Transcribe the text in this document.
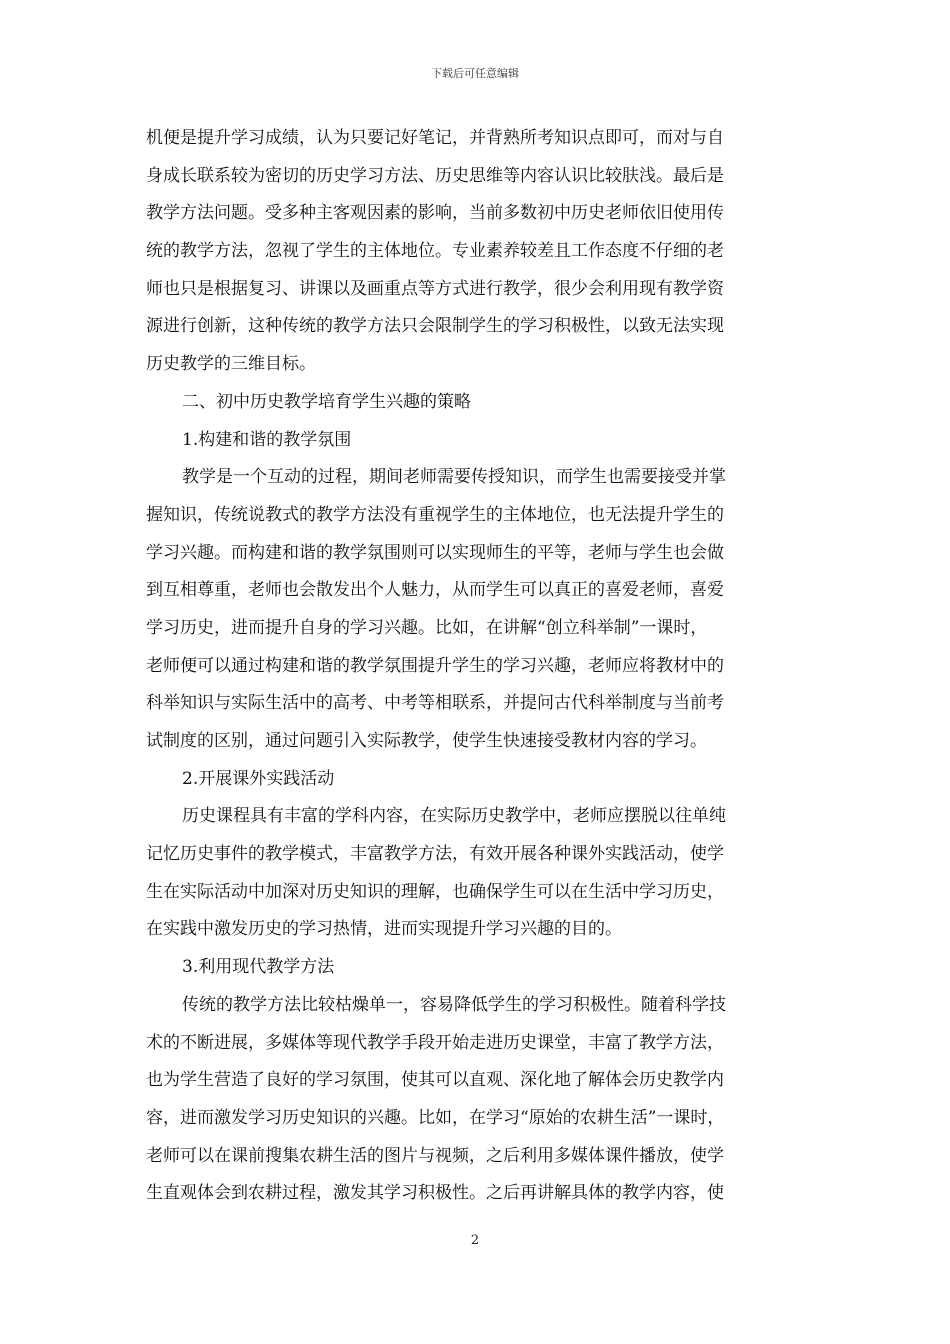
下载后可任意编辑
机便是提升学习成绩，认为只要记好笔记，并背熟所考知识点即可，而对与自
身成长联系较为密切的历史学习方法、历史思维等内容认识比较肤浅。最后是
教学方法问题。受多种主客观因素的影响，当前多数初中历史老师依旧使用传
统的教学方法，忽视了学生的主体地位。专业素养较差且工作态度不仔细的老
师也只是根据复习、讲课以及画重点等方式进行教学，很少会利用现有教学资
源进行创新，这种传统的教学方法只会限制学生的学习积极性，以致无法实现
历史教学的三维目标。
二、初中历史教学培育学生兴趣的策略
1.构建和谐的教学氛围
教学是一个互动的过程，期间老师需要传授知识，而学生也需要接受并掌
握知识，传统说教式的教学方法没有重视学生的主体地位，也无法提升学生的
学习兴趣。而构建和谐的教学氛围则可以实现师生的平等，老师与学生也会做
到互相尊重，老师也会散发出个人魅力，从而学生可以真正的喜爱老师，喜爱
学习历史，进而提升自身的学习兴趣。比如，在讲解“创立科举制”一课时，
老师便可以通过构建和谐的教学氛围提升学生的学习兴趣，老师应将教材中的
科举知识与实际生活中的高考、中考等相联系，并提问古代科举制度与当前考
试制度的区别，通过问题引入实际教学，使学生快速接受教材内容的学习。
2.开展课外实践活动
历史课程具有丰富的学科内容，在实际历史教学中，老师应摆脱以往单纯
记忆历史事件的教学模式，丰富教学方法，有效开展各种课外实践活动，使学
生在实际活动中加深对历史知识的理解，也确保学生可以在生活中学习历史，
在实践中激发历史的学习热情，进而实现提升学习兴趣的目的。
3.利用现代教学方法
传统的教学方法比较枯燥单一，容易降低学生的学习积极性。随着科学技
术的不断进展，多媒体等现代教学手段开始走进历史课堂，丰富了教学方法，
也为学生营造了良好的学习氛围，使其可以直观、深化地了解体会历史教学内
容，进而激发学习历史知识的兴趣。比如，在学习“原始的农耕生活”一课时，
老师可以在课前搜集农耕生活的图片与视频，之后利用多媒体课件播放，使学
生直观体会到农耕过程，激发其学习积极性。之后再讲解具体的教学内容，使
2
